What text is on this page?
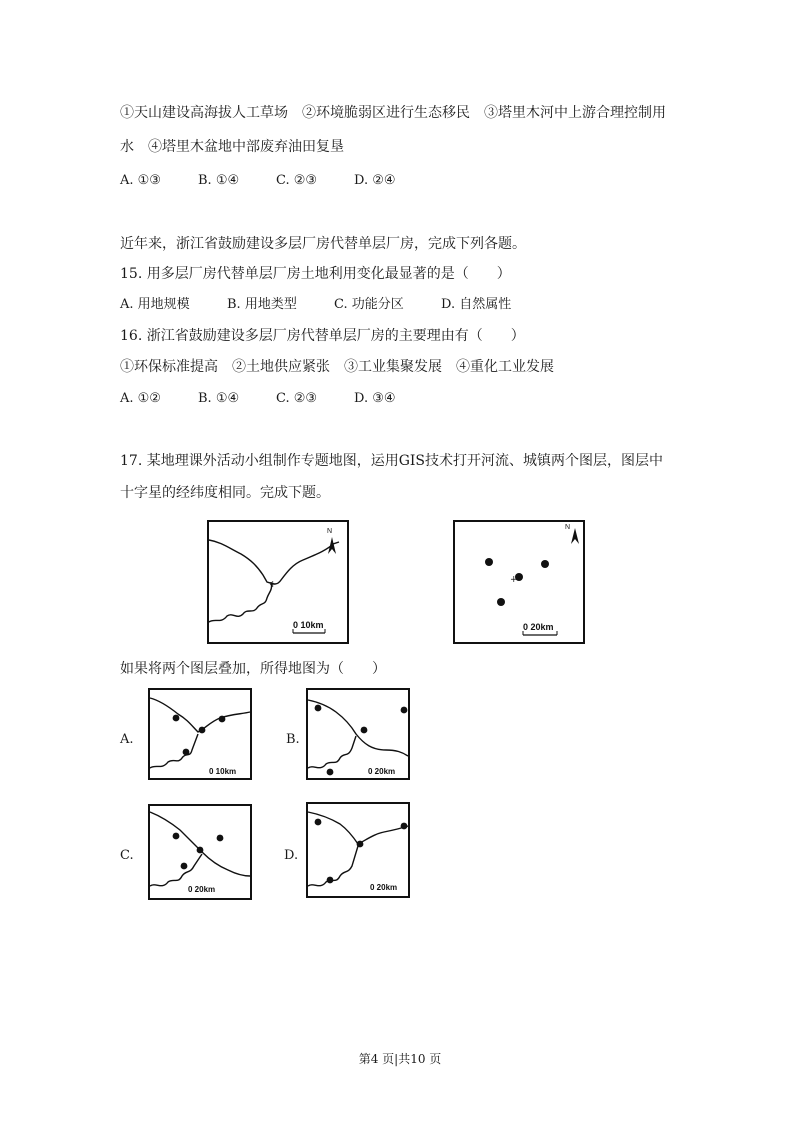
①天山建设高海拔人工草场　②环境脆弱区进行生态移民　③塔里木河中上游合理控制用
水　④塔里木盆地中部废弃油田复垦
A. ①③	B. ①④	C. ②③	D. ②④
近年来，浙江省鼓励建设多层厂房代替单层厂房，完成下列各题。
15. 用多层厂房代替单层厂房土地利用变化最显著的是（　　）
A. 用地规模	B. 用地类型	C. 功能分区	D. 自然属性
16. 浙江省鼓励建设多层厂房代替单层厂房的主要理由有（　　）
①环保标准提高　②土地供应紧张　③工业集聚发展　④重化工业发展
A. ①②	B. ①④	C. ②③	D. ③④
17. 某地理课外活动小组制作专题地图，运用GIS技术打开河流、城镇两个图层，图层中
十字星的经纬度相同。完成下题。
N
+
0 10km
+
N
0 20km
如果将两个图层叠加，所得地图为（　　）
A.
0 10km
B.
0 20km
C.
0 20km
D.
0 20km
第4 页|共10 页
